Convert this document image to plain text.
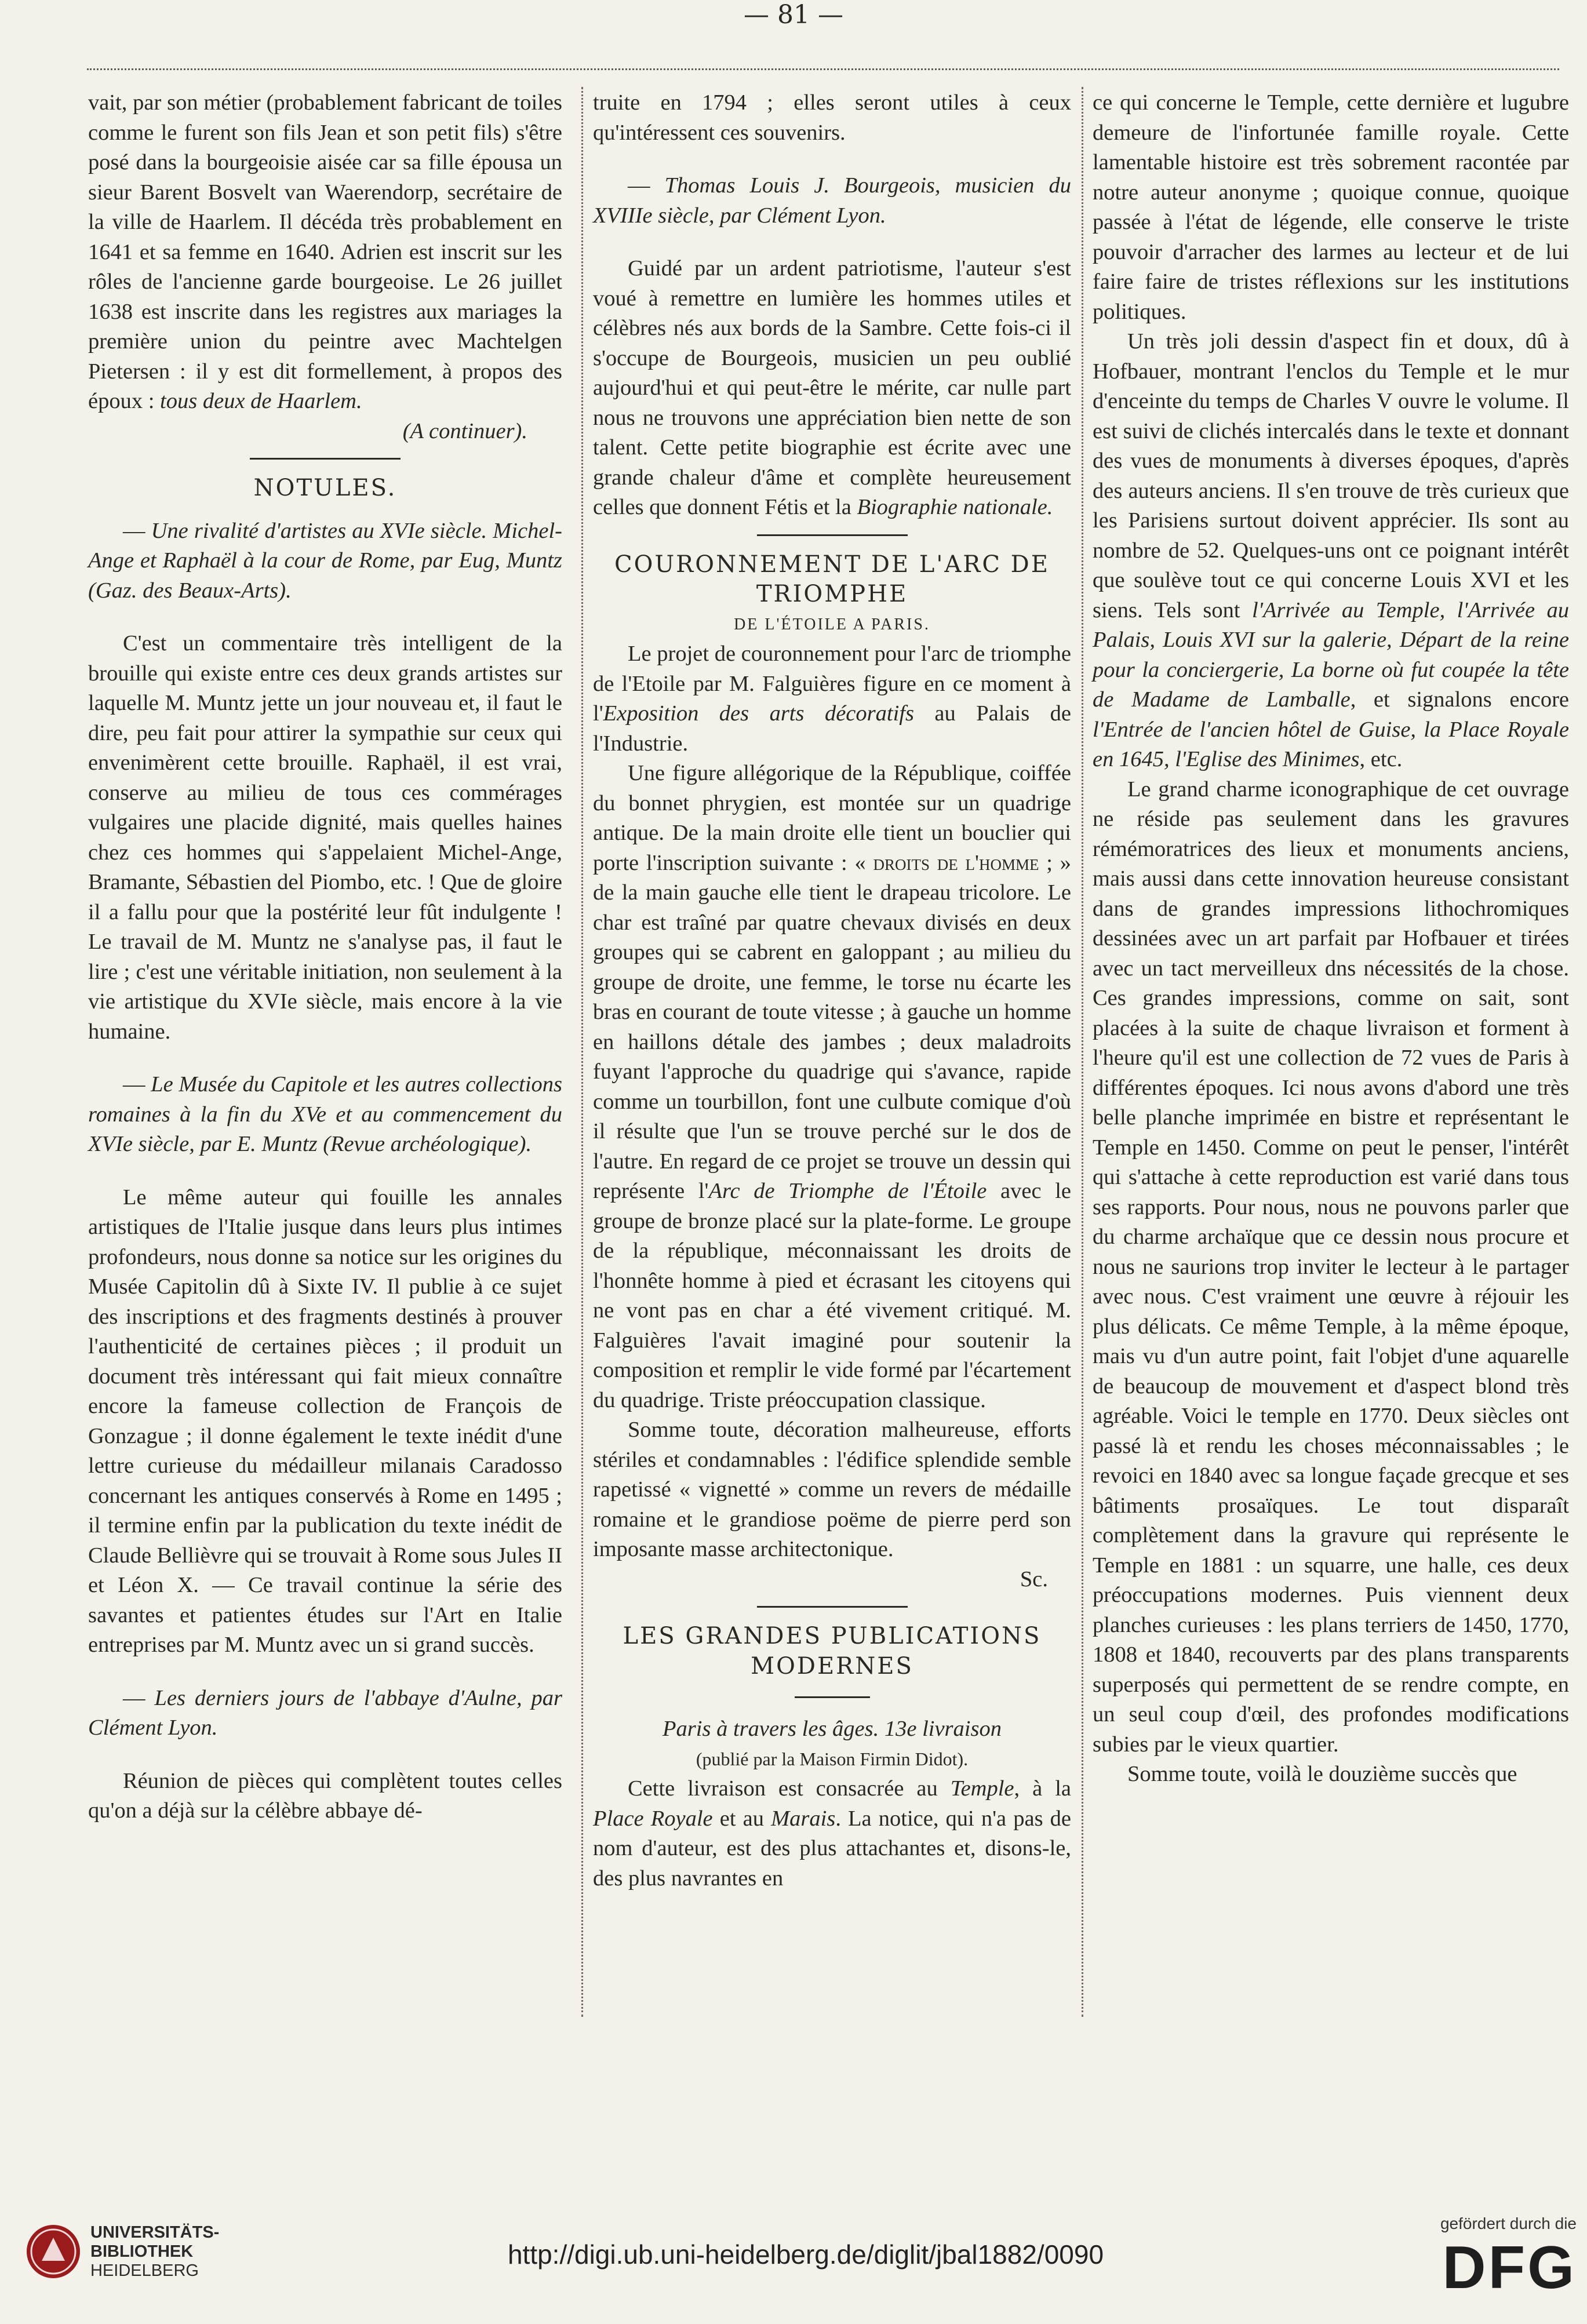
— 81 —

vait, par son métier (probablement fabricant de toiles comme le furent son fils Jean et son petit fils) s'être posé dans la bourgeoisie aisée car sa fille épousa un sieur Barent Bosvelt van Waerendorp, secrétaire de la ville de Haarlem. Il décéda très probablement en 1641 et sa femme en 1640. Adrien est inscrit sur les rôles de l'ancienne garde bourgeoise. Le 26 juillet 1638 est inscrite dans les registres aux mariages la première union du peintre avec Machtelgen Pietersen : il y est dit formellement, à propos des époux : tous deux de Haarlem.

(A continuer).

NOTULES.

— Une rivalité d'artistes au XVIe siècle. Michel-Ange et Raphaël à la cour de Rome, par Eug, Muntz (Gaz. des Beaux-Arts).

C'est un commentaire très intelligent de la brouille qui existe entre ces deux grands artistes sur laquelle M. Muntz jette un jour nouveau et, il faut le dire, peu fait pour attirer la sympathie sur ceux qui envenimèrent cette brouille. Raphaël, il est vrai, conserve au milieu de tous ces commérages vulgaires une placide dignité, mais quelles haines chez ces hommes qui s'appelaient Michel-Ange, Bramante, Sébastien del Piombo, etc. ! Que de gloire il a fallu pour que la postérité leur fût indulgente ! Le travail de M. Muntz ne s'analyse pas, il faut le lire ; c'est une véritable initiation, non seulement à la vie artistique du XVIe siècle, mais encore à la vie humaine.

— Le Musée du Capitole et les autres collections romaines à la fin du XVe et au commencement du XVIe siècle, par E. Muntz (Revue archéologique).

Le même auteur qui fouille les annales artistiques de l'Italie jusque dans leurs plus intimes profondeurs, nous donne sa notice sur les origines du Musée Capitolin dû à Sixte IV. Il publie à ce sujet des inscriptions et des fragments destinés à prouver l'authenticité de certaines pièces ; il produit un document très intéressant qui fait mieux connaître encore la fameuse collection de François de Gonzague ; il donne également le texte inédit d'une lettre curieuse du médailleur milanais Caradosso concernant les antiques conservés à Rome en 1495 ; il termine enfin par la publication du texte inédit de Claude Bellièvre qui se trouvait à Rome sous Jules II et Léon X. — Ce travail continue la série des savantes et patientes études sur l'Art en Italie entreprises par M. Muntz avec un si grand succès.

— Les derniers jours de l'abbaye d'Aulne, par Clément Lyon.

Réunion de pièces qui complètent toutes celles qu'on a déjà sur la célèbre abbaye dé-

truite en 1794 ; elles seront utiles à ceux qu'intéressent ces souvenirs.

— Thomas Louis J. Bourgeois, musicien du XVIIIe siècle, par Clément Lyon.

Guidé par un ardent patriotisme, l'auteur s'est voué à remettre en lumière les hommes utiles et célèbres nés aux bords de la Sambre. Cette fois-ci il s'occupe de Bourgeois, musicien un peu oublié aujourd'hui et qui peut-être le mérite, car nulle part nous ne trouvons une appréciation bien nette de son talent. Cette petite biographie est écrite avec une grande chaleur d'âme et complète heureusement celles que donnent Fétis et la Biographie nationale.

COURONNEMENT DE L'ARC DE TRIOMPHE

DE L'ÉTOILE A PARIS.

Le projet de couronnement pour l'arc de triomphe de l'Etoile par M. Falguières figure en ce moment à l'Exposition des arts décoratifs au Palais de l'Industrie.

Une figure allégorique de la République, coiffée du bonnet phrygien, est montée sur un quadrige antique. De la main droite elle tient un bouclier qui porte l'inscription suivante : « droits de l'homme ; » de la main gauche elle tient le drapeau tricolore. Le char est traîné par quatre chevaux divisés en deux groupes qui se cabrent en galoppant ; au milieu du groupe de droite, une femme, le torse nu écarte les bras en courant de toute vitesse ; à gauche un homme en haillons détale des jambes ; deux maladroits fuyant l'approche du quadrige qui s'avance, rapide comme un tourbillon, font une culbute comique d'où il résulte que l'un se trouve perché sur le dos de l'autre. En regard de ce projet se trouve un dessin qui représente l'Arc de Triomphe de l'Étoile avec le groupe de bronze placé sur la plate-forme. Le groupe de la république, méconnaissant les droits de l'honnête homme à pied et écrasant les citoyens qui ne vont pas en char a été vivement critiqué. M. Falguières l'avait imaginé pour soutenir la composition et remplir le vide formé par l'écartement du quadrige. Triste préoccupation classique.

Somme toute, décoration malheureuse, efforts stériles et condamnables : l'édifice splendide semble rapetissé « vignetté » comme un revers de médaille romaine et le grandiose poëme de pierre perd son imposante masse architectonique.

Sc.

LES GRANDES PUBLICATIONS MODERNES

Paris à travers les âges. 13e livraison

(publié par la Maison Firmin Didot).

Cette livraison est consacrée au Temple, à la Place Royale et au Marais. La notice, qui n'a pas de nom d'auteur, est des plus attachantes et, disons-le, des plus navrantes en

ce qui concerne le Temple, cette dernière et lugubre demeure de l'infortunée famille royale. Cette lamentable histoire est très sobrement racontée par notre auteur anonyme ; quoique connue, quoique passée à l'état de légende, elle conserve le triste pouvoir d'arracher des larmes au lecteur et de lui faire faire de tristes réflexions sur les institutions politiques.

Un très joli dessin d'aspect fin et doux, dû à Hofbauer, montrant l'enclos du Temple et le mur d'enceinte du temps de Charles V ouvre le volume. Il est suivi de clichés intercalés dans le texte et donnant des vues de monuments à diverses époques, d'après des auteurs anciens. Il s'en trouve de très curieux que les Parisiens surtout doivent apprécier. Ils sont au nombre de 52. Quelques-uns ont ce poignant intérêt que soulève tout ce qui concerne Louis XVI et les siens. Tels sont l'Arrivée au Temple, l'Arrivée au Palais, Louis XVI sur la galerie, Départ de la reine pour la conciergerie, La borne où fut coupée la tête de Madame de Lamballe, et signalons encore l'Entrée de l'ancien hôtel de Guise, la Place Royale en 1645, l'Eglise des Minimes, etc.

Le grand charme iconographique de cet ouvrage ne réside pas seulement dans les gravures rémémoratrices des lieux et monuments anciens, mais aussi dans cette innovation heureuse consistant dans de grandes impressions lithochromiques dessinées avec un art parfait par Hofbauer et tirées avec un tact merveilleux dns nécessités de la chose. Ces grandes impressions, comme on sait, sont placées à la suite de chaque livraison et forment à l'heure qu'il est une collection de 72 vues de Paris à différentes époques. Ici nous avons d'abord une très belle planche imprimée en bistre et représentant le Temple en 1450. Comme on peut le penser, l'intérêt qui s'attache à cette reproduction est varié dans tous ses rapports. Pour nous, nous ne pouvons parler que du charme archaïque que ce dessin nous procure et nous ne saurions trop inviter le lecteur à le partager avec nous. C'est vraiment une œuvre à réjouir les plus délicats. Ce même Temple, à la même époque, mais vu d'un autre point, fait l'objet d'une aquarelle de beaucoup de mouvement et d'aspect blond très agréable. Voici le temple en 1770. Deux siècles ont passé là et rendu les choses méconnaissables ; le revoici en 1840 avec sa longue façade grecque et ses bâtiments prosaïques. Le tout disparaît complètement dans la gravure qui représente le Temple en 1881 : un squarre, une halle, ces deux préoccupations modernes. Puis viennent deux planches curieuses : les plans terriers de 1450, 1770, 1808 et 1840, recouverts par des plans transparents superposés qui permettent de se rendre compte, en un seul coup d'œil, des profondes modifications subies par le vieux quartier.

Somme toute, voilà le douzième succès que

UNIVERSITÄTS-
BIBLIOTHEK
HEIDELBERG
http://digi.ub.uni-heidelberg.de/diglit/jbal1882/0090
gefördert durch die
DFG
